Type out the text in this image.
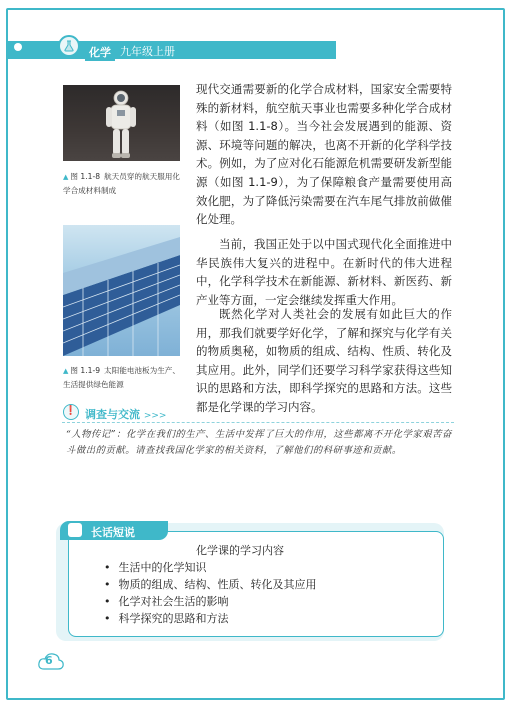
化学 九年级上册
▲ 图 1.1-8 航天员穿的航天服用化学合成材料制成
▲ 图 1.1-9 太阳能电池板为生产、生活提供绿色能源

现代交通需要新的化学合成材料，国家安全需要特殊的新材料，航空航天事业也需要多种化学合成材料（如图 1.1-8）。当今社会发展遇到的能源、资源、环境等问题的解决，也离不开新的化学科学技术。例如，为了应对化石能源危机需要研发新型能源（如图 1.1-9），为了保障粮食产量需要使用高效化肥，为了降低污染需要在汽车尾气排放前做催化处理。

当前，我国正处于以中国式现代化全面推进中华民族伟大复兴的进程中。在新时代的伟大进程中，化学科学技术在新能源、新材料、新医药、新产业等方面，一定会继续发挥重大作用。

既然化学对人类社会的发展有如此巨大的作用，那我们就要学好化学，了解和探究与化学有关的物质奥秘，如物质的组成、结构、性质、转化及其应用。此外，同学们还要学习科学家获得这些知识的思路和方法，即科学探究的思路和方法。这些都是化学课的学习内容。

❗ 调查与交流 >>>
“人物传记”：化学在我们的生产、生活中发挥了巨大的作用，这些都离不开化学家艰苦奋斗做出的贡献。请查找我国化学家的相关资料，了解他们的科研事迹和贡献。
长话短说
化学课的学习内容
• 生活中的化学知识
• 物质的组成、结构、性质、转化及其应用
• 化学对社会生活的影响
• 科学探究的思路和方法
6
